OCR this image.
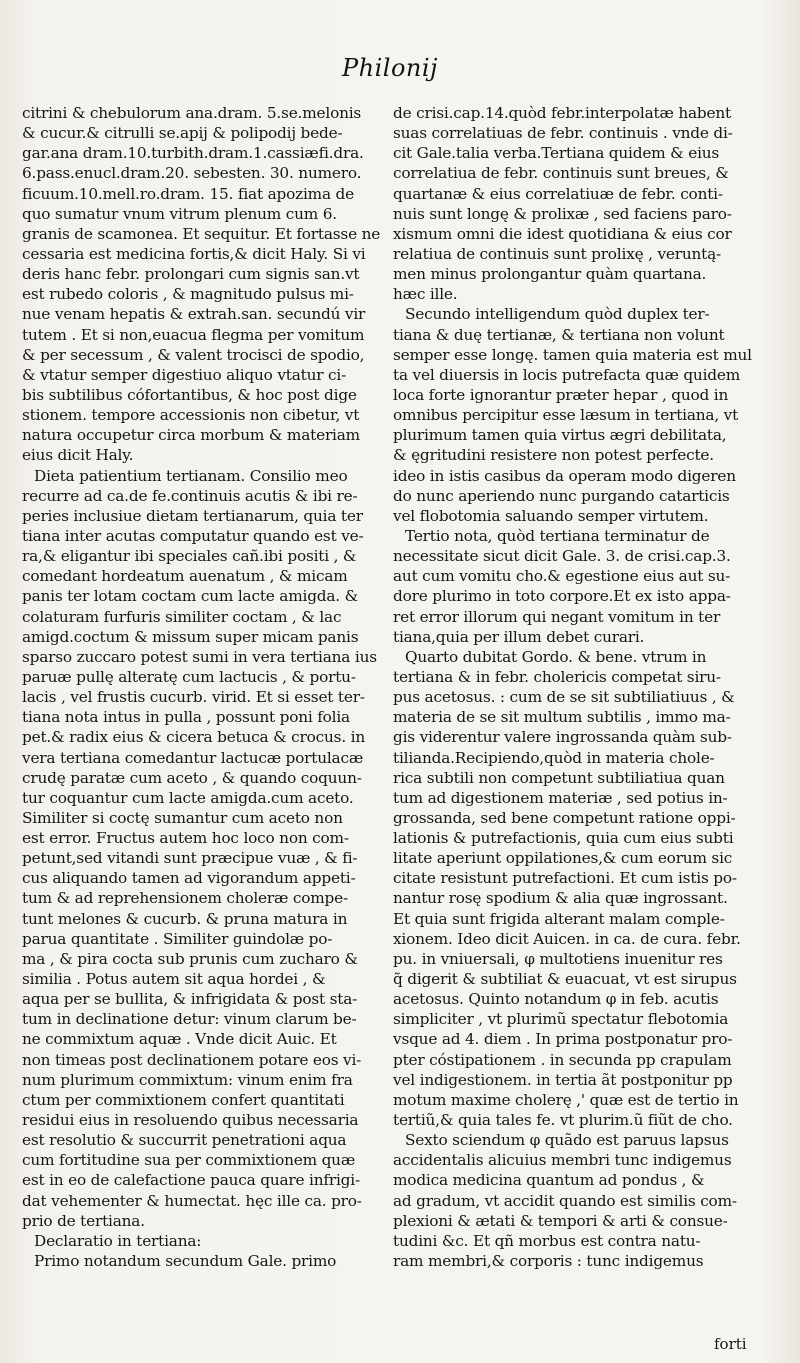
Philonij
citrini & chebulorum ana.dram. 5.se.melonis
& cucur.& citrulli se.apij & polipodij bede-
gar.ana dram.10.turbith.dram.1.cassiæfi.dra.
6.pass.enucl.dram.20. sebesten. 30. numero.
ficuum.10.mell.ro.dram. 15. fiat apozima de
quo sumatur vnum vitrum plenum cum 6.
granis de scamonea. Et sequitur. Et fortasse ne
cessaria est medicina fortis,& dicit Haly. Si vi
deris hanc febr. prolongari cum signis san.vt
est rubedo coloris , & magnitudo pulsus mi-
nue venam hepatis & extrah.san. secundú vir
tutem . Et si non,euacua flegma per vomitum
& per secessum , & valent trocisci de spodio,
& vtatur semper digestiuo aliquo vtatur ci-
bis subtilibus cófortantibus, & hoc post dige
stionem. tempore accessionis non cibetur, vt
natura occupetur circa morbum & materiam
eius dicit Haly.
Dieta patientium tertianam. Consilio meo
recurre ad ca.de fe.continuis acutis & ibi re-
peries inclusiue dietam tertianarum, quia ter
tiana inter acutas computatur quando est ve-
ra,& eligantur ibi speciales cañ.ibi positi , &
comedant hordeatum auenatum , & micam
panis ter lotam coctam cum lacte amigda. &
colaturam furfuris similiter coctam , & lac
amigd.coctum & missum super micam panis
sparso zuccaro potest sumi in vera tertiana ius
paruæ pullę alteratę cum lactucis , & portu-
lacis , vel frustis cucurb. virid. Et si esset ter-
tiana nota intus in pulla , possunt poni folia
pet.& radix eius & cicera betuca & crocus. in
vera tertiana comedantur lactucæ portulacæ
crudę paratæ cum aceto , & quando coquun-
tur coquantur cum lacte amigda.cum aceto.
Similiter si coctę sumantur cum aceto non
est error. Fructus autem hoc loco non com-
petunt,sed vitandi sunt præcipue vuæ , & fi-
cus aliquando tamen ad vigorandum appeti-
tum & ad reprehensionem choleræ compe-
tunt melones & cucurb. & pruna matura in
parua quantitate . Similiter guindolæ po-
ma , & pira cocta sub prunis cum zucharo &
similia . Potus autem sit aqua hordei , &
aqua per se bullita, & infrigidata & post sta-
tum in declinatione detur: vinum clarum be-
ne commixtum aquæ . Vnde dicit Auic. Et
non timeas post declinationem potare eos vi-
num plurimum commixtum: vinum enim fra
ctum per commixtionem confert quantitati
residui eius in resoluendo quibus necessaria
est resolutio & succurrit penetrationi aqua
cum fortitudine sua per commixtionem quæ
est in eo de calefactione pauca quare infrigi-
dat vehementer & humectat. hęc ille ca. pro-
prio de tertiana.
Declaratio in tertiana:
Primo notandum secundum Gale. primo
de crisi.cap.14.quòd febr.interpolatæ habent
suas correlatiuas de febr. continuis . vnde di-
cit Gale.talia verba.Tertiana quidem & eius
correlatiua de febr. continuis sunt breues, &
quartanæ & eius correlatiuæ de febr. conti-
nuis sunt longę & prolixæ , sed faciens paro-
xismum omni die idest quotidiana & eius cor
relatiua de continuis sunt prolixę , veruntą-
men minus prolongantur quàm quartana.
hæc ille.
Secundo intelligendum quòd duplex ter-
tiana & duę tertianæ, & tertiana non volunt
semper esse longę. tamen quia materia est mul
ta vel diuersis in locis putrefacta quæ quidem
loca forte ignorantur præter hepar , quod in
omnibus percipitur esse læsum in tertiana, vt
plurimum tamen quia virtus ægri debilitata,
& ęgritudini resistere non potest perfecte.
ideo in istis casibus da operam modo digeren
do nunc aperiendo nunc purgando catarticis
vel flobotomia saluando semper virtutem.
Tertio nota, quòd tertiana terminatur de
necessitate sicut dicit Gale. 3. de crisi.cap.3.
aut cum vomitu cho.& egestione eius aut su-
dore plurimo in toto corpore.Et ex isto appa-
ret error illorum qui negant vomitum in ter
tiana,quia per illum debet curari.
Quarto dubitat Gordo. & bene. vtrum in
tertiana & in febr. cholericis competat siru-
pus acetosus. : cum de se sit subtiliatiuus , &
materia de se sit multum subtilis , immo ma-
gis viderentur valere ingrossanda quàm sub-
tilianda.Recipiendo,quòd in materia chole-
rica subtili non competunt subtiliatiua quan
tum ad digestionem materiæ , sed potius in-
grossanda, sed bene competunt ratione oppi-
lationis & putrefactionis, quia cum eius subti
litate aperiunt oppilationes,& cum eorum sic
citate resistunt putrefactioni. Et cum istis po-
nantur rosę spodium & alia quæ ingrossant.
Et quia sunt frigida alterant malam comple-
xionem. Ideo dicit Auicen. in ca. de cura. febr.
pu. in vniuersali, φ multotiens inuenitur res
q̃ digerit & subtiliat & euacuat, vt est sirupus
acetosus. Quinto notandum φ in feb. acutis
simpliciter , vt plurimũ spectatur flebotomia
vsque ad 4. diem . In prima postponatur pro-
pter cóstipationem . in secunda pp crapulam
vel indigestionem. in tertia ãt postponitur pp
motum maxime cholerę ,' quæ est de tertio in
tertiũ,& quia tales fe. vt plurim.ũ fiũt de cho.
Sexto sciendum φ quãdo est paruus lapsus
accidentalis alicuius membri tunc indigemus
modica medicina quantum ad pondus , &
ad gradum, vt accidit quando est similis com-
plexioni & ætati & tempori & arti & consue-
tudini &c. Et qñ morbus est contra natu-
ram membri,& corporis : tunc indigemus
forti
